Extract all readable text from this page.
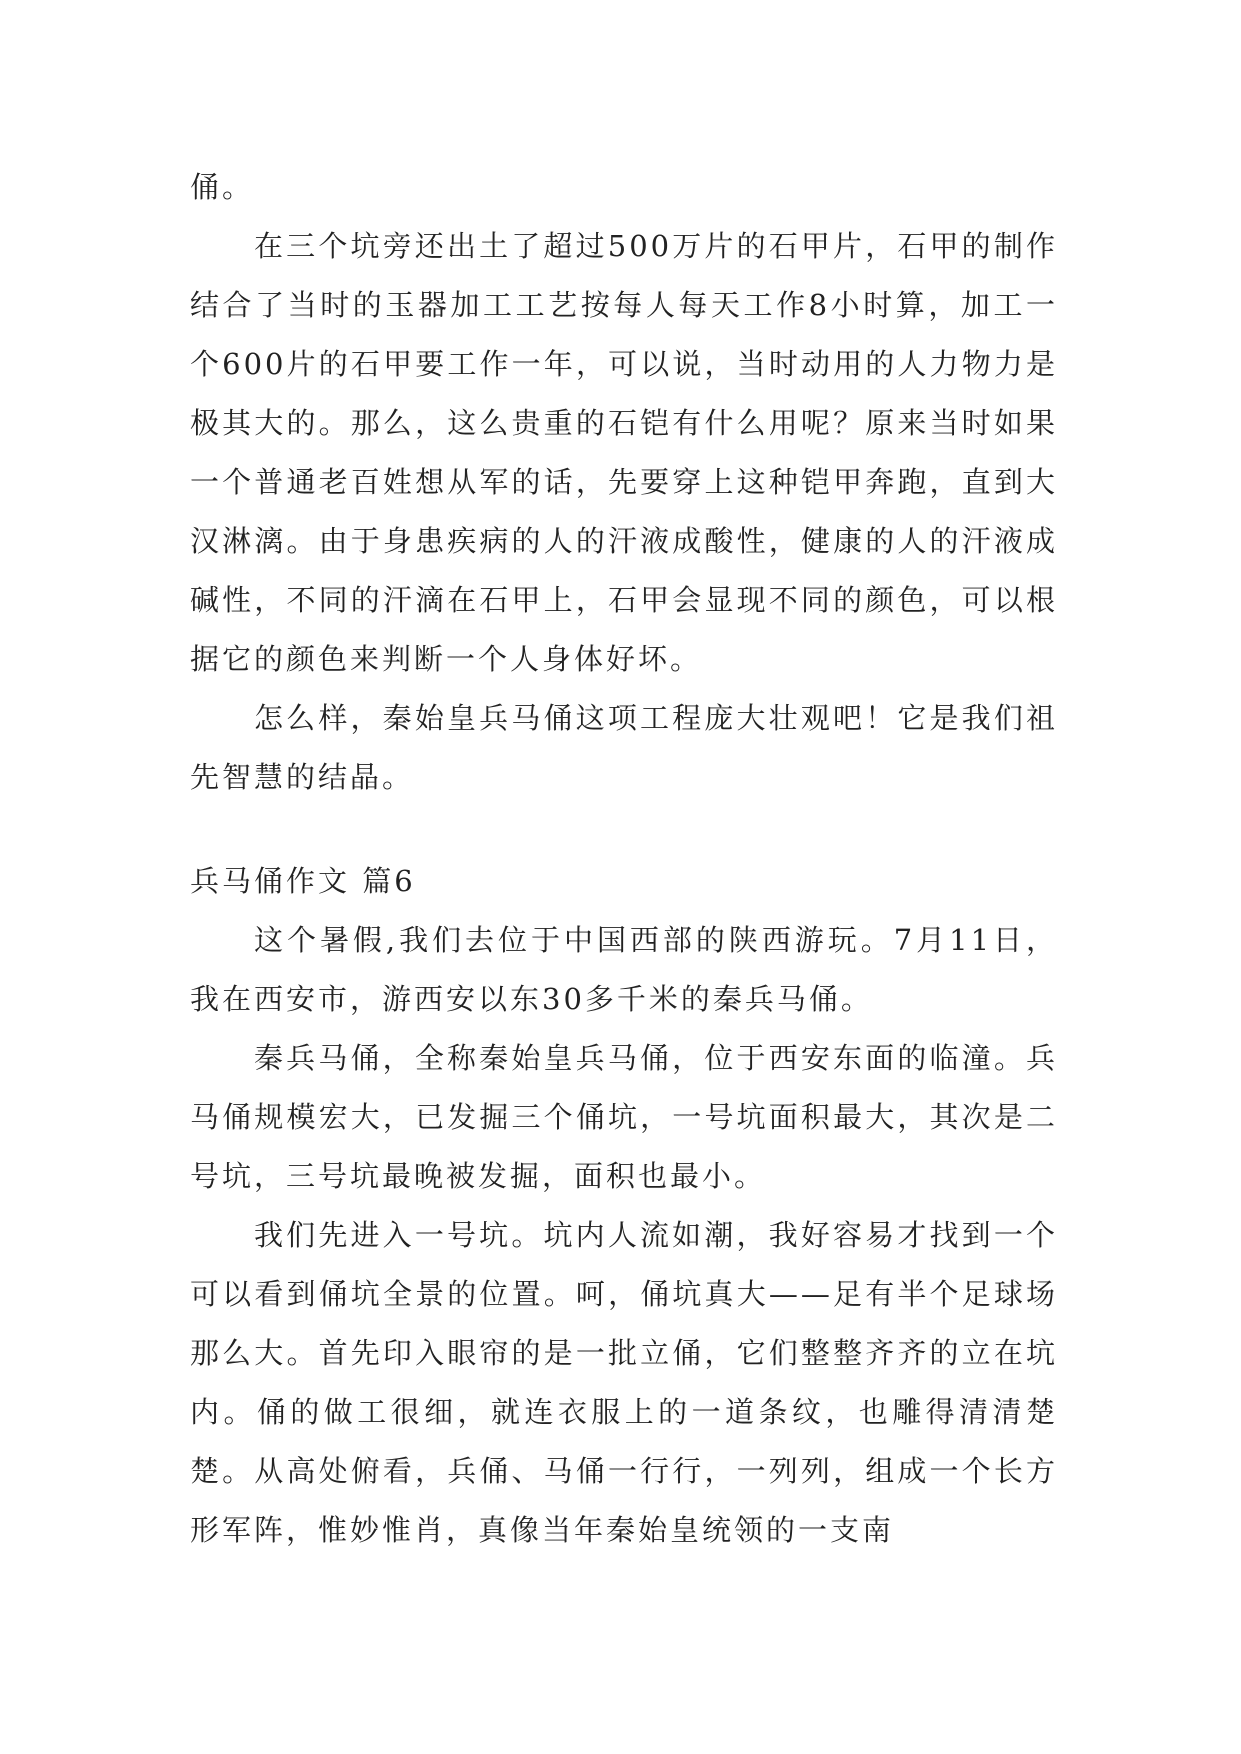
俑。

在三个坑旁还出土了超过500万片的石甲片，石甲的制作结合了当时的玉器加工工艺按每人每天工作8小时算，加工一个600片的石甲要工作一年，可以说，当时动用的人力物力是极其大的。那么，这么贵重的石铠有什么用呢？原来当时如果一个普通老百姓想从军的话，先要穿上这种铠甲奔跑，直到大汉淋漓。由于身患疾病的人的汗液成酸性，健康的人的汗液成碱性，不同的汗滴在石甲上，石甲会显现不同的颜色，可以根据它的颜色来判断一个人身体好坏。

怎么样，秦始皇兵马俑这项工程庞大壮观吧！它是我们祖先智慧的结晶。

兵马俑作文 篇6

这个暑假,我们去位于中国西部的陕西游玩。7月11日，我在西安市，游西安以东30多千米的秦兵马俑。

秦兵马俑，全称秦始皇兵马俑，位于西安东面的临潼。兵马俑规模宏大，已发掘三个俑坑，一号坑面积最大，其次是二号坑，三号坑最晚被发掘，面积也最小。

我们先进入一号坑。坑内人流如潮，我好容易才找到一个可以看到俑坑全景的位置。呵，俑坑真大——足有半个足球场那么大。首先印入眼帘的是一批立俑，它们整整齐齐的立在坑内。俑的做工很细，就连衣服上的一道条纹，也雕得清清楚楚。从高处俯看，兵俑、马俑一行行，一列列，组成一个长方形军阵，惟妙惟肖，真像当年秦始皇统领的一支南
